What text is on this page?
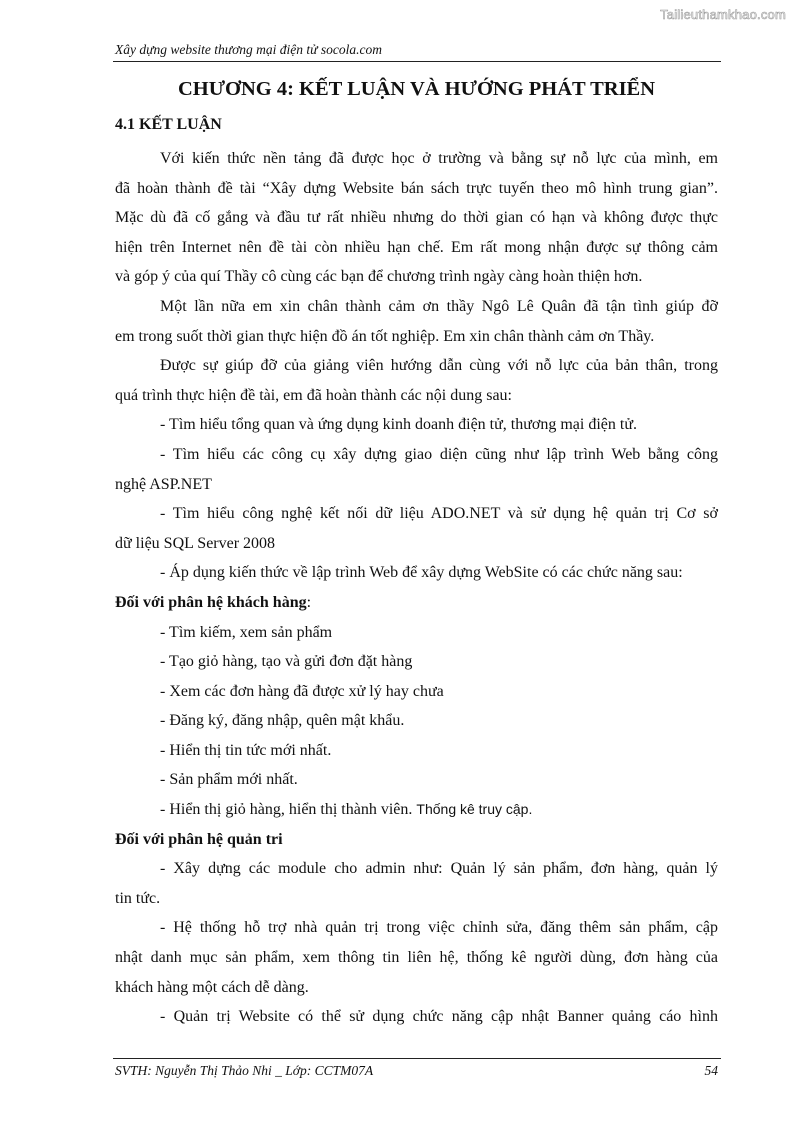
Tailieuthamkhao.com
Xây dựng website thương mại điện tử socola.com
CHƯƠNG 4: KẾT LUẬN VÀ HƯỚNG PHÁT TRIỂN
4.1 KẾT LUẬN
Với kiến thức nền tảng đã được học ở trường và bằng sự nỗ lực của mình, em
đã hoàn thành đề tài “Xây dựng Website bán sách trực tuyến theo mô hình trung gian”.
Mặc dù đã cố gắng và đầu tư rất nhiều nhưng do thời gian có hạn và không được thực
hiện trên Internet nên đề tài còn nhiều hạn chế. Em rất mong nhận được sự thông cảm
và góp ý của quí Thầy cô cùng các bạn để chương trình ngày càng hoàn thiện hơn.
Một lần nữa em xin chân thành cảm ơn thầy Ngô Lê Quân đã tận tình giúp đỡ
em trong suốt thời gian thực hiện đồ án tốt nghiệp. Em xin chân thành cảm ơn Thầy.
Được sự giúp đỡ của giảng viên hướng dẫn cùng với nỗ lực của bản thân, trong
quá trình thực hiện đề tài, em đã hoàn thành các nội dung sau:
- Tìm hiểu tổng quan và ứng dụng kinh doanh điện tử, thương mại điện tử.
- Tìm hiểu các công cụ xây dựng giao diện cũng như lập trình Web bằng công
nghệ ASP.NET
- Tìm hiểu công nghệ kết nối dữ liệu ADO.NET và sử dụng hệ quản trị Cơ sở
dữ liệu SQL Server 2008
- Áp dụng kiến thức về lập trình Web để xây dựng WebSite có các chức năng sau:
Đối với phân hệ khách hàng:
- Tìm kiếm, xem sản phẩm
- Tạo giỏ hàng, tạo và gửi đơn đặt hàng
- Xem các đơn hàng đã được xử lý hay chưa
- Đăng ký, đăng nhập, quên mật khẩu.
- Hiển thị tin tức mới nhất.
- Sản phẩm mới nhất.
- Hiển thị giỏ hàng, hiển thị thành viên. Thống kê truy cập.
Đối với phân hệ quản tri
- Xây dựng các module cho admin như: Quản lý sản phẩm, đơn hàng, quản lý
tin tức.
- Hệ thống hỗ trợ nhà quản trị trong việc chỉnh sửa, đăng thêm sản phẩm, cập
nhật danh mục sản phẩm, xem thông tin liên hệ, thống kê người dùng, đơn hàng của
khách hàng một cách dễ dàng.
- Quản trị Website có thể sử dụng chức năng cập nhật Banner quảng cáo hình
SVTH: Nguyễn Thị Thảo Nhi _ Lớp: CCTM07A	54
